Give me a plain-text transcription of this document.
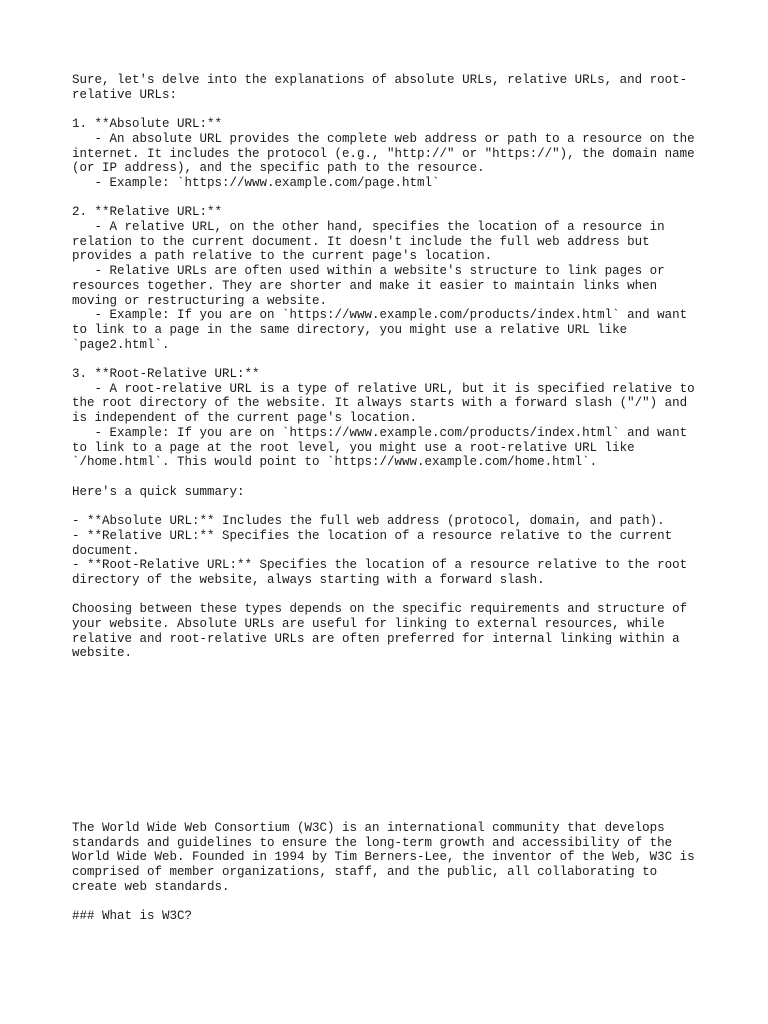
Sure, let's delve into the explanations of absolute URLs, relative URLs, and root-
relative URLs:

1. **Absolute URL:**
- An absolute URL provides the complete web address or path to a resource on the
internet. It includes the protocol (e.g., "http://" or "https://"), the domain name
(or IP address), and the specific path to the resource.
- Example: `https://www.example.com/page.html`

2. **Relative URL:**
- A relative URL, on the other hand, specifies the location of a resource in
relation to the current document. It doesn't include the full web address but
provides a path relative to the current page's location.
- Relative URLs are often used within a website's structure to link pages or
resources together. They are shorter and make it easier to maintain links when
moving or restructuring a website.
- Example: If you are on `https://www.example.com/products/index.html` and want
to link to a page in the same directory, you might use a relative URL like
`page2.html`.

3. **Root-Relative URL:**
- A root-relative URL is a type of relative URL, but it is specified relative to
the root directory of the website. It always starts with a forward slash ("/") and
is independent of the current page's location.
- Example: If you are on `https://www.example.com/products/index.html` and want
to link to a page at the root level, you might use a root-relative URL like
`/home.html`. This would point to `https://www.example.com/home.html`.

Here's a quick summary:

- **Absolute URL:** Includes the full web address (protocol, domain, and path).
- **Relative URL:** Specifies the location of a resource relative to the current
document.
- **Root-Relative URL:** Specifies the location of a resource relative to the root
directory of the website, always starting with a forward slash.

Choosing between these types depends on the specific requirements and structure of
your website. Absolute URLs are useful for linking to external resources, while
relative and root-relative URLs are often preferred for internal linking within a
website.
The World Wide Web Consortium (W3C) is an international community that develops
standards and guidelines to ensure the long-term growth and accessibility of the
World Wide Web. Founded in 1994 by Tim Berners-Lee, the inventor of the Web, W3C is
comprised of member organizations, staff, and the public, all collaborating to
create web standards.

### What is W3C?
